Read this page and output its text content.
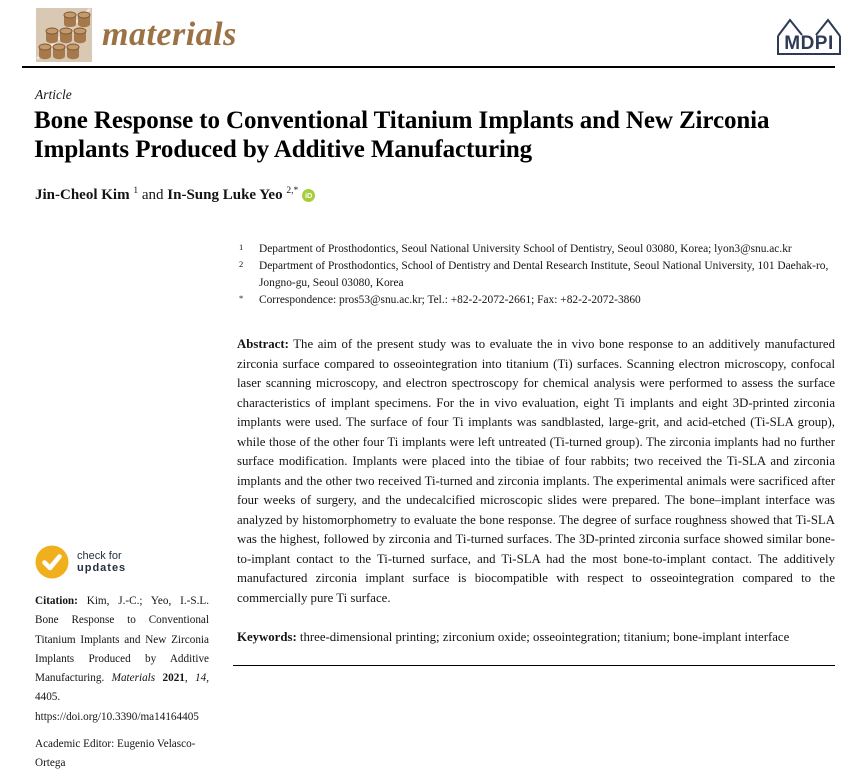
materials	MDPI
Article
Bone Response to Conventional Titanium Implants and New Zirconia Implants Produced by Additive Manufacturing
Jin-Cheol Kim $^1$ and In-Sung Luke Yeo $^{2,*}$ iD
1 Department of Prosthodontics, Seoul National University School of Dentistry, Seoul 03080, Korea; lyon3@snu.ac.kr
2 Department of Prosthodontics, School of Dentistry and Dental Research Institute, Seoul National University, 101 Daehak-ro, Jongno-gu, Seoul 03080, Korea
* Correspondence: pros53@snu.ac.kr; Tel.: +82-2-2072-2661; Fax: +82-2-2072-3860

Abstract: The aim of the present study was to evaluate the in vivo bone response to an additively manufactured zirconia surface compared to osseointegration into titanium (Ti) surfaces. Scanning electron microscopy, confocal laser scanning microscopy, and electron spectroscopy for chemical analysis were performed to assess the surface characteristics of implant specimens. For the in vivo evaluation, eight Ti implants and eight 3D-printed zirconia implants were used. The surface of four Ti implants was sandblasted, large-grit, and acid-etched (Ti-SLA group), while those of the other four Ti implants were left untreated (Ti-turned group). The zirconia implants had no further surface modification. Implants were placed into the tibiae of four rabbits; two received the Ti-SLA and zirconia implants and the other two received Ti-turned and zirconia implants. The experimental animals were sacrificed after four weeks of surgery, and the undecalcified microscopic slides were prepared. The bone–implant interface was analyzed by histomorphometry to evaluate the bone response. The degree of surface roughness showed that Ti-SLA was the highest, followed by zirconia and Ti-turned surfaces. The 3D-printed zirconia surface showed similar bone-to-implant contact to the Ti-turned surface, and Ti-SLA had the most bone-to-implant contact. The additively manufactured zirconia implant surface is biocompatible with respect to osseointegration compared to the commercially pure Ti surface.

Keywords: three-dimensional printing; zirconium oxide; osseointegration; titanium; bone-implant interface

check for
updates

Citation: Kim, J.-C.; Yeo, I.-S.L. Bone Response to Conventional Titanium Implants and New Zirconia Implants Produced by Additive Manufacturing. Materials 2021, 14, 4405. https://doi.org/10.3390/ma14164405

Academic Editor: Eugenio Velasco-Ortega
